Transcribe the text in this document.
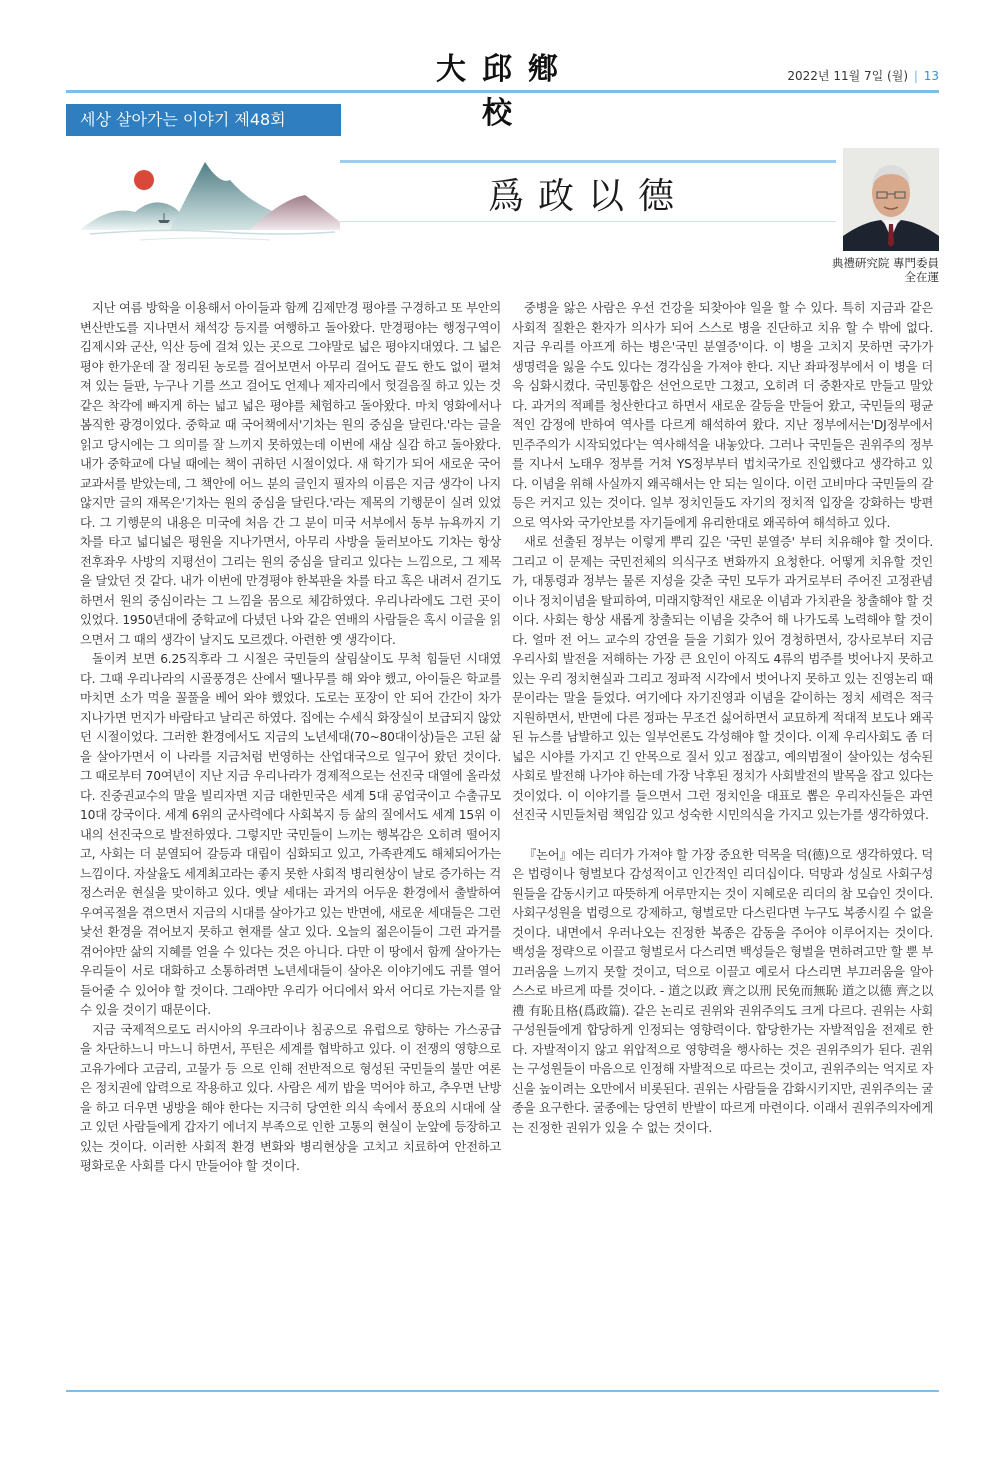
大邱鄕校
2022년 11월 7일 (월) | 13
세상 살아가는 이야기 제48회
爲政以德
典禮硏究院 專門委員
全在運

지난 여름 방학을 이용해서 아이들과 함께 김제만경 평야를 구경하고 또 부안의 변산반도를 지나면서 채석강 등지를 여행하고 돌아왔다. 만경평야는 행정구역이 김제시와 군산, 익산 등에 걸쳐 있는 곳으로 그야말로 넓은 평야지대였다. 그 넓은 평야 한가운데 잘 정리된 농로를 걸어보면서 아무리 걸어도 끝도 한도 없이 펼쳐져 있는 들판, 누구나 기를 쓰고 걸어도 언제나 제자리에서 헛걸음질 하고 있는 것 같은 착각에 빠지게 하는 넓고 넓은 평야를 체험하고 돌아왔다. 마치 영화에서나 봄직한 광경이었다. 중학교 때 국어책에서'기차는 원의 중심을 달린다.'라는 글을 읽고 당시에는 그 의미를 잘 느끼지 못하였는데 이번에 새삼 실감 하고 돌아왔다. 내가 중학교에 다닐 때에는 책이 귀하던 시절이었다. 새 학기가 되어 새로운 국어 교과서를 받았는데, 그 책안에 어느 분의 글인지 필자의 이름은 지금 생각이 나지 않지만 글의 재목은'기차는 원의 중심을 달린다.'라는 제목의 기행문이 실려 있었다. 그 기행문의 내용은 미국에 처음 간 그 분이 미국 서부에서 동부 뉴욕까지 기차를 타고 넓디넓은 평원을 지나가면서, 아무리 사방을 둘러보아도 기차는 항상 전후좌우 사방의 지평선이 그리는 원의 중심을 달리고 있다는 느낌으로, 그 제목을 달았던 것 같다. 내가 이번에 만경평야 한복판을 차를 타고 혹은 내려서 걷기도 하면서 원의 중심이라는 그 느낌을 몸으로 체감하였다. 우리나라에도 그런 곳이 있었다. 1950년대에 중학교에 다녔던 나와 같은 연배의 사람들은 혹시 이글을 읽으면서 그 때의 생각이 날지도 모르겠다. 아련한 옛 생각이다.

돌이켜 보면 6.25직후라 그 시절은 국민들의 살림살이도 무척 힘들던 시대였다. 그때 우리나라의 시골풍경은 산에서 땔나무를 해 와야 했고, 아이들은 학교를 마치면 소가 먹을 꼴풀을 베어 와야 했었다. 도로는 포장이 안 되어 간간이 차가 지나가면 먼지가 바람타고 날리곤 하였다. 집에는 수세식 화장실이 보급되지 않았던 시절이었다. 그러한 환경에서도 지금의 노년세대(70~80대이상)들은 고된 삶을 살아가면서 이 나라를 지금처럼 번영하는 산업대국으로 일구어 왔던 것이다. 그 때로부터 70여년이 지난 지금 우리나라가 경제적으로는 선진국 대열에 올라섰다. 진중권교수의 말을 빌리자면 지금 대한민국은 세계 5대 공업국이고 수출규모 10대 강국이다. 세계 6위의 군사력에다 사회복지 등 삶의 질에서도 세계 15위 이내의 선진국으로 발전하였다. 그렇지만 국민들이 느끼는 행복감은 오히려 떨어지고, 사회는 더 분열되어 갈등과 대립이 심화되고 있고, 가족관계도 해체되어가는 느낌이다. 자살율도 세계최고라는 좋지 못한 사회적 병리현상이 날로 증가하는 걱정스러운 현실을 맞이하고 있다. 옛날 세대는 과거의 어두운 환경에서 출발하여 우여곡절을 겪으면서 지금의 시대를 살아가고 있는 반면에, 새로운 세대들은 그런 낯선 환경을 겪어보지 못하고 현재를 살고 있다. 오늘의 젊은이들이 그런 과거를 겪어야만 삶의 지혜를 얻을 수 있다는 것은 아니다. 다만 이 땅에서 함께 살아가는 우리들이 서로 대화하고 소통하려면 노년세대들이 살아온 이야기에도 귀를 열어 들어줄 수 있어야 할 것이다. 그래야만 우리가 어디에서 와서 어디로 가는지를 알 수 있을 것이기 때문이다.

지금 국제적으로도 러시아의 우크라이나 침공으로 유럽으로 향하는 가스공급을 차단하느니 마느니 하면서, 푸틴은 세계를 협박하고 있다. 이 전쟁의 영향으로 고유가에다 고금리, 고물가 등 으로 인해 전반적으로 형성된 국민들의 불만 여론은 정치권에 압력으로 작용하고 있다. 사람은 세끼 밥을 먹어야 하고, 추우면 난방을 하고 더우면 냉방을 해야 한다는 지극히 당연한 의식 속에서 풍요의 시대에 살고 있던 사람들에게 갑자기 에너지 부족으로 인한 고통의 현실이 눈앞에 등장하고 있는 것이다. 이러한 사회적 환경 변화와 병리현상을 고치고 치료하여 안전하고 평화로운 사회를 다시 만들어야 할 것이다.

중병을 앓은 사람은 우선 건강을 되찾아야 일을 할 수 있다. 특히 지금과 같은 사회적 질환은 환자가 의사가 되어 스스로 병을 진단하고 치유 할 수 밖에 없다. 지금 우리를 아프게 하는 병은'국민 분열증'이다. 이 병을 고치지 못하면 국가가 생명력을 잃을 수도 있다는 경각심을 가져야 한다. 지난 좌파정부에서 이 병을 더욱 심화시켰다. 국민통합은 선언으로만 그쳤고, 오히려 더 중환자로 만들고 말았다. 과거의 적폐를 청산한다고 하면서 새로운 갈등을 만들어 왔고, 국민들의 평균적인 감정에 반하여 역사를 다르게 해석하여 왔다. 지난 정부에서는'DJ정부에서 민주주의가 시작되었다'는 역사해석을 내놓았다. 그러나 국민들은 권위주의 정부를 지나서 노태우 정부를 거쳐 YS정부부터 법치국가로 진입했다고 생각하고 있다. 이념을 위해 사실까지 왜곡해서는 안 되는 일이다. 이런 고비마다 국민들의 갈등은 커지고 있는 것이다. 일부 정치인들도 자기의 정치적 입장을 강화하는 방편으로 역사와 국가안보를 자기들에게 유리한대로 왜곡하여 해석하고 있다.

새로 선출된 정부는 이렇게 뿌리 깊은 '국민 분열증' 부터 치유해야 할 것이다. 그리고 이 문제는 국민전체의 의식구조 변화까지 요청한다. 어떻게 치유할 것인가, 대통령과 정부는 물론 지성을 갖춘 국민 모두가 과거로부터 주어진 고정관념이나 정치이념을 탈피하여, 미래지향적인 새로운 이념과 가치관을 창출해야 할 것이다. 사회는 항상 새롭게 창출되는 이념을 갖추어 해 나가도록 노력해야 할 것이다. 얼마 전 어느 교수의 강연을 들을 기회가 있어 경청하면서, 강사로부터 지금 우리사회 발전을 저해하는 가장 큰 요인이 아직도 4류의 범주를 벗어나지 못하고 있는 우리 정치현실과 그리고 정파적 시각에서 벗어나지 못하고 있는 진영논리 때문이라는 말을 들었다. 여기에다 자기진영과 이념을 같이하는 정치 세력은 적극 지원하면서, 반면에 다른 정파는 무조건 싫어하면서 교묘하게 적대적 보도나 왜곡된 뉴스를 남발하고 있는 일부언론도 각성해야 할 것이다. 이제 우리사회도 좀 더 넓은 시야를 가지고 긴 안목으로 질서 있고 점잖고, 예의범절이 살아있는 성숙된 사회로 발전해 나가야 하는데 가장 낙후된 정치가 사회발전의 발목을 잡고 있다는 것이었다. 이 이야기를 들으면서 그런 정치인을 대표로 뽑은 우리자신들은 과연 선진국 시민들처럼 책임감 있고 성숙한 시민의식을 가지고 있는가를 생각하였다.

『논어』에는 리더가 가져야 할 가장 중요한 덕목을 덕(德)으로 생각하였다. 덕은 법령이나 형벌보다 감성적이고 인간적인 리더십이다. 덕망과 성실로 사회구성원들을 감동시키고 따뜻하게 어루만지는 것이 지혜로운 리더의 참 모습인 것이다. 사회구성원을 법령으로 강제하고, 형벌로만 다스린다면 누구도 복종시킬 수 없을 것이다. 내면에서 우러나오는 진정한 복종은 감동을 주어야 이루어지는 것이다. 백성을 정략으로 이끌고 형벌로서 다스리면 백성들은 형벌을 면하려고만 할 뿐 부끄러움을 느끼지 못할 것이고, 덕으로 이끌고 예로서 다스리면 부끄러움을 알아 스스로 바르게 따를 것이다. - 道之以政 齊之以刑 民免而無恥 道之以德 齊之以禮 有恥且格(爲政篇). 같은 논리로 권위와 권위주의도 크게 다르다. 권위는 사회구성원들에게 합당하게 인정되는 영향력이다. 합당한가는 자발적임을 전제로 한다. 자발적이지 않고 위압적으로 영향력을 행사하는 것은 권위주의가 된다. 권위는 구성원들이 마음으로 인정해 자발적으로 따르는 것이고, 권위주의는 억지로 자신을 높이려는 오만에서 비롯된다. 권위는 사람들을 감화시키지만, 권위주의는 굴종을 요구한다. 굴종에는 당연히 반발이 따르게 마련이다. 이래서 권위주의자에게는 진정한 권위가 있을 수 없는 것이다.
